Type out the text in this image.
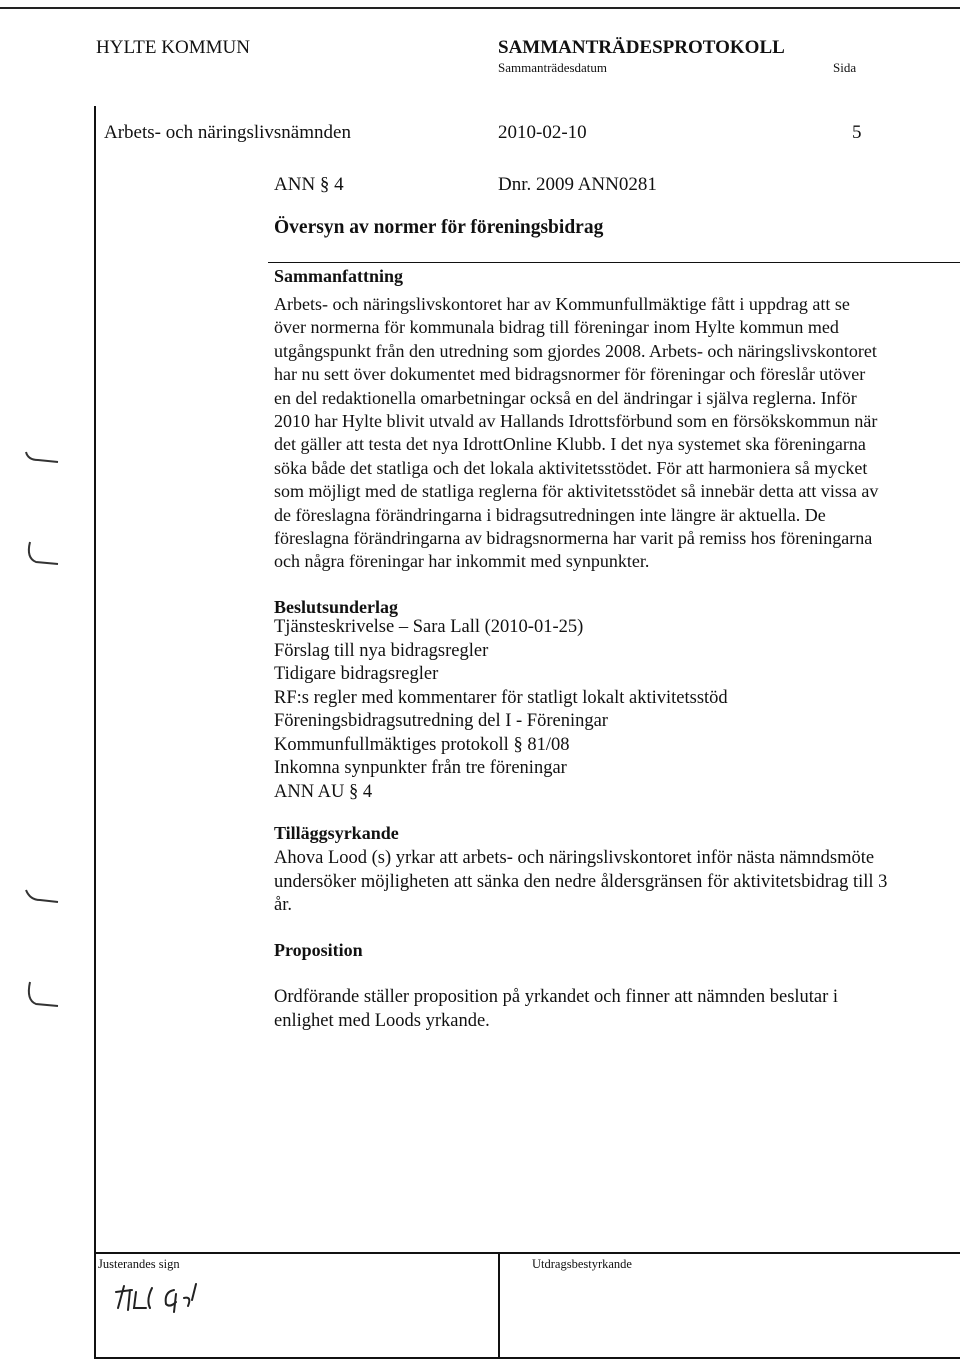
HYLTE KOMMUN	SAMMANTRÄDESPROTOKOLL
Sammanträdesdatum	Sida
Arbets- och näringslivsnämnden	2010-02-10	5
ANN § 4	Dnr. 2009 ANN0281
Översyn av normer för föreningsbidrag
Sammanfattning
Arbets- och näringslivskontoret har av Kommunfullmäktige fått i uppdrag att se
över normerna för kommunala bidrag till föreningar inom Hylte kommun med
utgångspunkt från den utredning som gjordes 2008. Arbets- och näringslivskontoret
har nu sett över dokumentet med bidragsnormer för föreningar och föreslår utöver
en del redaktionella omarbetningar också en del ändringar i själva reglerna. Inför
2010 har Hylte blivit utvald av Hallands Idrottsförbund som en försökskommun när
det gäller att testa det nya IdrottOnline Klubb. I det nya systemet ska föreningarna
söka både det statliga och det lokala aktivitetsstödet. För att harmoniera så mycket
som möjligt med de statliga reglerna för aktivitetsstödet så innebär detta att vissa av
de föreslagna förändringarna i bidragsutredningen inte längre är aktuella. De
föreslagna förändringarna av bidragsnormerna har varit på remiss hos föreningarna
och några föreningar har inkommit med synpunkter.
Beslutsunderlag
Tjänsteskrivelse – Sara Lall (2010-01-25)
Förslag till nya bidragsregler
Tidigare bidragsregler
RF:s regler med kommentarer för statligt lokalt aktivitetsstöd
Föreningsbidragsutredning del I - Föreningar
Kommunfullmäktiges protokoll § 81/08
Inkomna synpunkter från tre föreningar
ANN AU § 4
Tilläggsyrkande
Ahova Lood (s) yrkar att arbets- och näringslivskontoret inför nästa nämndsmöte
undersöker möjligheten att sänka den nedre åldersgränsen för aktivitetsbidrag till 3
år.
Proposition
Ordförande ställer proposition på yrkandet och finner att nämnden beslutar i
enlighet med Loods yrkande.
Justerandes sign	Utdragsbestyrkande
